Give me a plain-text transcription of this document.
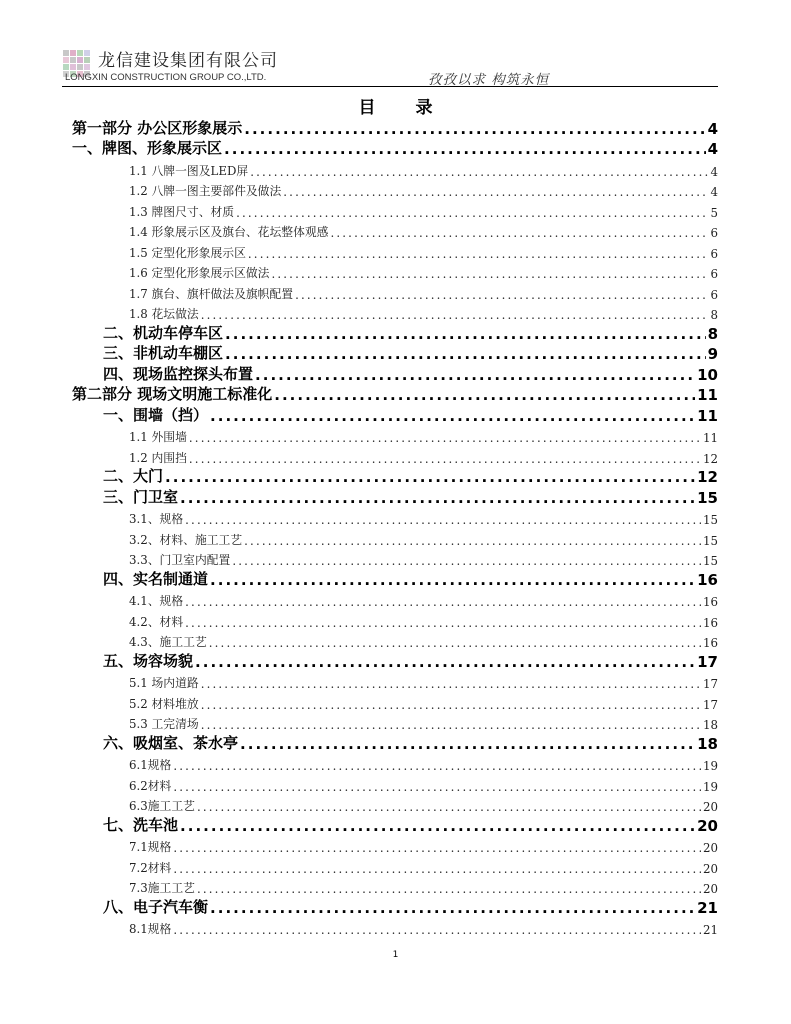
龙信建设集团有限公司
LONGXIN CONSTRUCTION GROUP CO.,LTD.	孜孜以求 构筑永恒
目 录
第一部分 办公区形象展示 . . .	4
一、牌图、形象展示区 . . .	4
1.1 八牌一图及LED屏 . . .	4
1.2 八牌一图主要部件及做法 . . .	4
1.3 牌图尺寸、材质 . . .	5
1.4 形象展示区及旗台、花坛整体观感 . . .	6
1.5 定型化形象展示区 . . .	6
1.6 定型化形象展示区做法 . . .	6
1.7 旗台、旗杆做法及旗帜配置 . . .	6
1.8 花坛做法 . . .	8
二、机动车停车区 . . .	8
三、非机动车棚区 . . .	9
四、现场监控探头布置 . . .	10
第二部分 现场文明施工标准化 . . .	11
一、围墙（挡） . . .	11
1.1 外围墙 . . .	11
1.2 内围挡 . . .	12
二、大门 . . .	12
三、门卫室 . . .	15
3.1、规格 . . .	15
3.2、材料、施工工艺 . . .	15
3.3、门卫室内配置 . . .	15
四、实名制通道 . . .	16
4.1、规格 . . .	16
4.2、材料 . . .	16
4.3、施工工艺 . . .	16
五、场容场貌 . . .	17
5.1 场内道路 . . .	17
5.2 材料堆放 . . .	17
5.3 工完清场 . . .	18
六、吸烟室、茶水亭 . . .	18
6.1规格 . . .	19
6.2材料 . . .	19
6.3施工工艺 . . .	20
七、洗车池 . . .	20
7.1规格 . . .	20
7.2材料 . . .	20
7.3施工工艺 . . .	20
八、电子汽车衡 . . .	21
8.1规格 . . .	21
1
